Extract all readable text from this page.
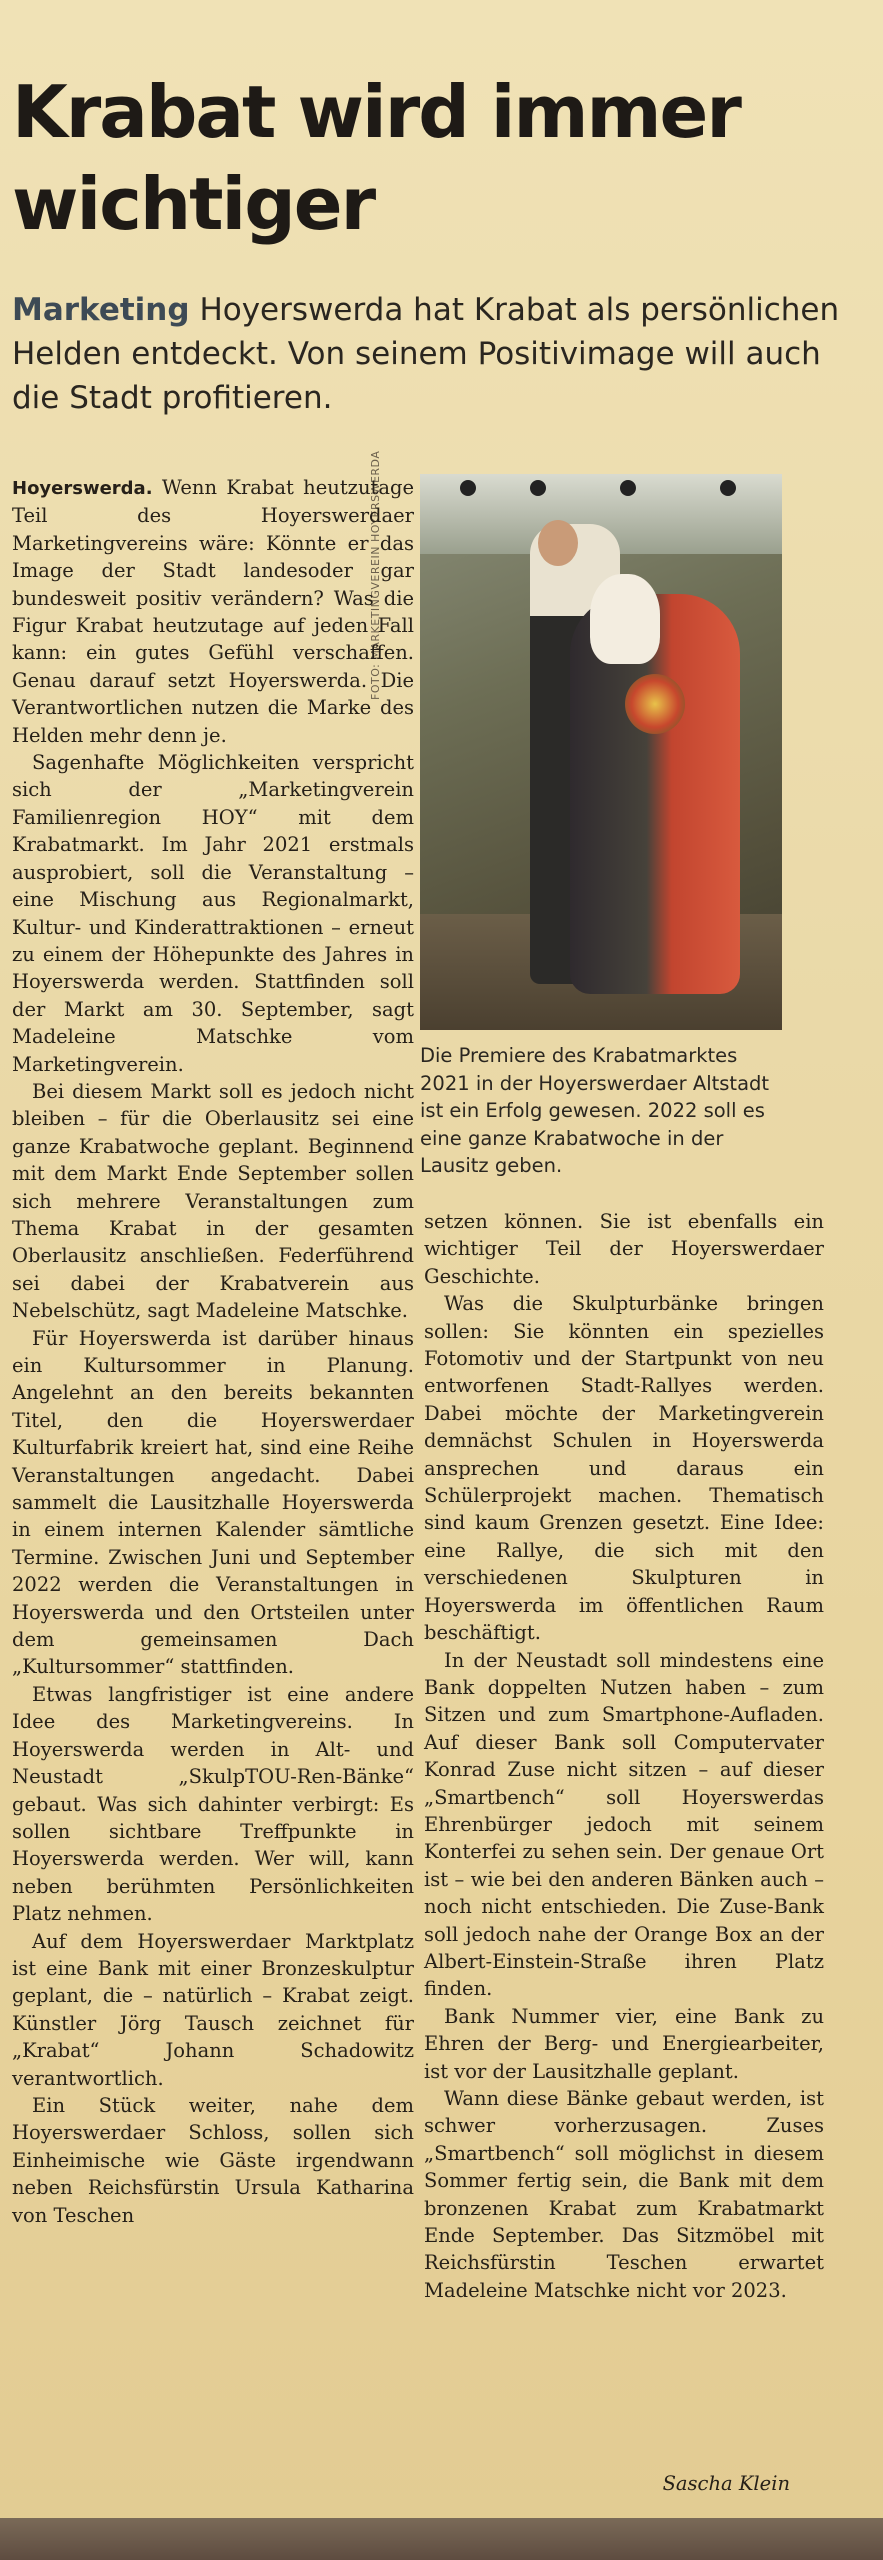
Krabat wird immer wichtiger
Marketing Hoyerswerda hat Krabat als persönlichen Helden entdeckt. Von seinem Positivimage will auch die Stadt profitieren.
FOTO: MARKETINGVEREIN HOYERSWERDA
Die Premiere des Krabatmarktes 2021 in der Hoyerswerdaer Altstadt ist ein Erfolg gewesen. 2022 soll es eine ganze Krabatwoche in der Lausitz geben.

Hoyerswerda. Wenn Krabat heutzutage Teil des Hoyerswerdaer Marketingvereins wäre: Könnte er das Image der Stadt landesoder gar bundesweit positiv verändern? Was die Figur Krabat heutzutage auf jeden Fall kann: ein gutes Gefühl verschaffen. Genau darauf setzt Hoyerswerda. Die Verantwortlichen nutzen die Marke des Helden mehr denn je.

Sagenhafte Möglichkeiten verspricht sich der „Marketingverein Familienregion HOY“ mit dem Krabatmarkt. Im Jahr 2021 erstmals ausprobiert, soll die Veranstaltung – eine Mischung aus Regionalmarkt, Kultur- und Kinderattraktionen – erneut zu einem der Höhepunkte des Jahres in Hoyerswerda werden. Stattfinden soll der Markt am 30. September, sagt Madeleine Matschke vom Marketingverein.

Bei diesem Markt soll es jedoch nicht bleiben – für die Oberlausitz sei eine ganze Krabatwoche geplant. Beginnend mit dem Markt Ende September sollen sich mehrere Veranstaltungen zum Thema Krabat in der gesamten Oberlausitz anschließen. Federführend sei dabei der Krabatverein aus Nebelschütz, sagt Madeleine Matschke.

Für Hoyerswerda ist darüber hinaus ein Kultursommer in Planung. Angelehnt an den bereits bekannten Titel, den die Hoyerswerdaer Kulturfabrik kreiert hat, sind eine Reihe Veranstaltungen angedacht. Dabei sammelt die Lausitzhalle Hoyerswerda in einem internen Kalender sämtliche Termine. Zwischen Juni und September 2022 werden die Veranstaltungen in Hoyerswerda und den Ortsteilen unter dem gemeinsamen Dach „Kultursommer“ stattfinden.

Etwas langfristiger ist eine andere Idee des Marketingvereins. In Hoyerswerda werden in Alt- und Neustadt „SkulpTOU-Ren-Bänke“ gebaut. Was sich dahinter verbirgt: Es sollen sichtbare Treffpunkte in Hoyerswerda werden. Wer will, kann neben berühmten Persönlichkeiten Platz nehmen.

Auf dem Hoyerswerdaer Marktplatz ist eine Bank mit einer Bronzeskulptur geplant, die – natürlich – Krabat zeigt. Künstler Jörg Tausch zeichnet für „Krabat“ Johann Schadowitz verantwortlich.

Ein Stück weiter, nahe dem Hoyerswerdaer Schloss, sollen sich Einheimische wie Gäste irgendwann neben Reichsfürstin Ursula Katharina von Teschen

setzen können. Sie ist ebenfalls ein wichtiger Teil der Hoyerswerdaer Geschichte.

Was die Skulpturbänke bringen sollen: Sie könnten ein spezielles Fotomotiv und der Startpunkt von neu entworfenen Stadt-Rallyes werden. Dabei möchte der Marketingverein demnächst Schulen in Hoyerswerda ansprechen und daraus ein Schülerprojekt machen. Thematisch sind kaum Grenzen gesetzt. Eine Idee: eine Rallye, die sich mit den verschiedenen Skulpturen in Hoyerswerda im öffentlichen Raum beschäftigt.

In der Neustadt soll mindestens eine Bank doppelten Nutzen haben – zum Sitzen und zum Smartphone-Aufladen. Auf dieser Bank soll Computervater Konrad Zuse nicht sitzen – auf dieser „Smartbench“ soll Hoyerswerdas Ehrenbürger jedoch mit seinem Konterfei zu sehen sein. Der genaue Ort ist – wie bei den anderen Bänken auch – noch nicht entschieden. Die Zuse-Bank soll jedoch nahe der Orange Box an der Albert-Einstein-Straße ihren Platz finden.

Bank Nummer vier, eine Bank zu Ehren der Berg- und Energiearbeiter, ist vor der Lausitzhalle geplant.

Wann diese Bänke gebaut werden, ist schwer vorherzusagen. Zuses „Smartbench“ soll möglichst in diesem Sommer fertig sein, die Bank mit dem bronzenen Krabat zum Krabatmarkt Ende September. Das Sitzmöbel mit Reichsfürstin Teschen erwartet Madeleine Matschke nicht vor 2023.

Sascha Klein
